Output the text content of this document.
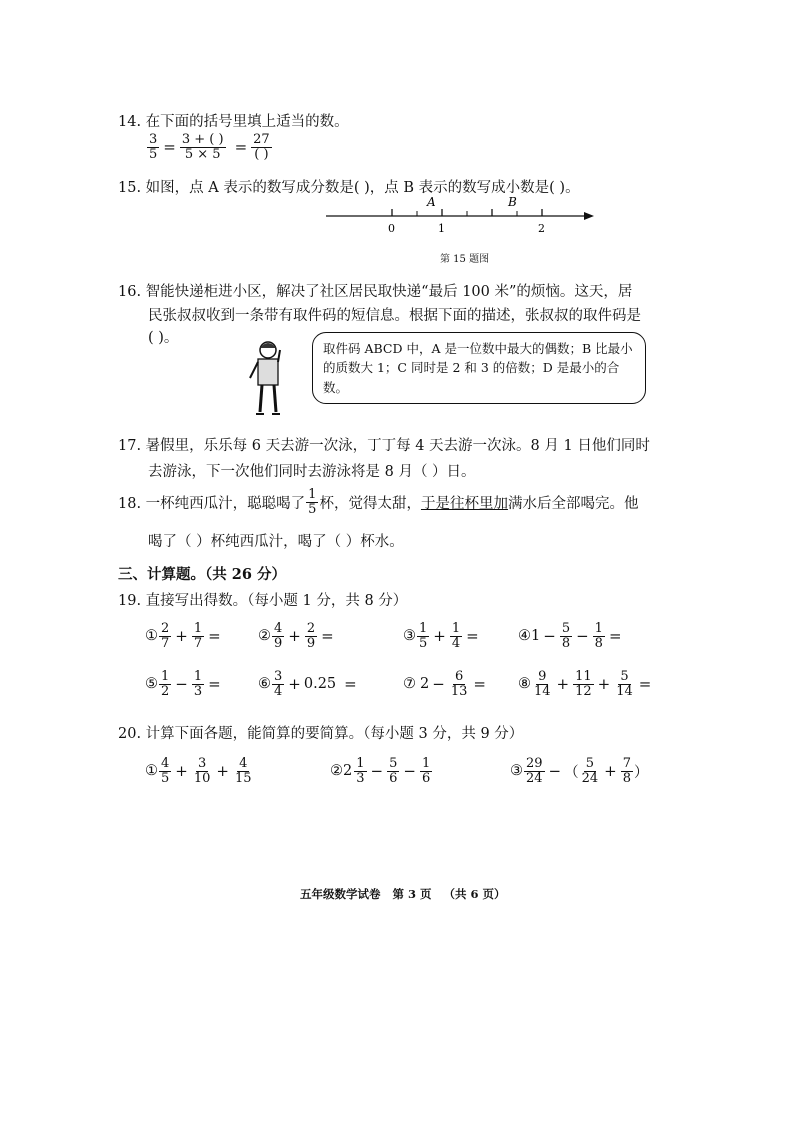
14. 在下面的括号里填上适当的数。
$\frac{3}{5} = \frac{3 + ( )}{5 \times 5} = \frac{27}{( )}$
15. 如图，点 A 表示的数写成分数是( )，点 B 表示的数写成小数是( )。
A	B
0	1	2
第 15 题图
16. 智能快递柜进小区，解决了社区居民取快递“最后 100 米”的烦恼。这天，居
民张叔叔收到一条带有取件码的短信息。根据下面的描述，张叔叔的取件码是
( )。
取件码 ABCD 中，A 是一位数中最大的偶数；B 比最小
的质数大 1；C 同时是 2 和 3 的倍数；D 是最小的合数。
17. 暑假里，乐乐每 6 天去游一次泳，丁丁每 4 天去游一次泳。8 月 1 日他们同时
去游泳，下一次他们同时去游泳将是 8 月（ ）日。
18. 一杯纯西瓜汁，聪聪喝了 $\frac{1}{5}$ 杯，觉得太甜， 于是往杯里加 满水后全部喝完。他
喝了（ ）杯纯西瓜汁，喝了（ ）杯水。
三、计算题。（共 26 分）
19. 直接写出得数。（每小题 1 分，共 8 分）
① $\frac{2}{7} + \frac{1}{7}$ =	② $\frac{4}{9} + \frac{2}{9}$ =	③ $\frac{1}{5} + \frac{1}{4}$ =	④ $1 - \frac{5}{8} - \frac{1}{8}$ =
⑤ $\frac{1}{2} - \frac{1}{3}$ =	⑥ $\frac{3}{4} + 0.25$ =	⑦ $2 - \frac{6}{13}$ = ⑧ $\frac{9}{14} + \frac{11}{12} + \frac{5}{14}$ =
20. 计算下面各题，能简算的要简算。（每小题 3 分，共 9 分）
① $\frac{4}{5} + \frac{3}{10} + \frac{4}{15}$	② $2 \frac{1}{3} - \frac{5}{6} - \frac{1}{6}$	③ $\frac{29}{24}$ − （ $\frac{5}{24} + \frac{7}{8}$ ）
五年级数学试卷   第 3 页   （共 6 页）
